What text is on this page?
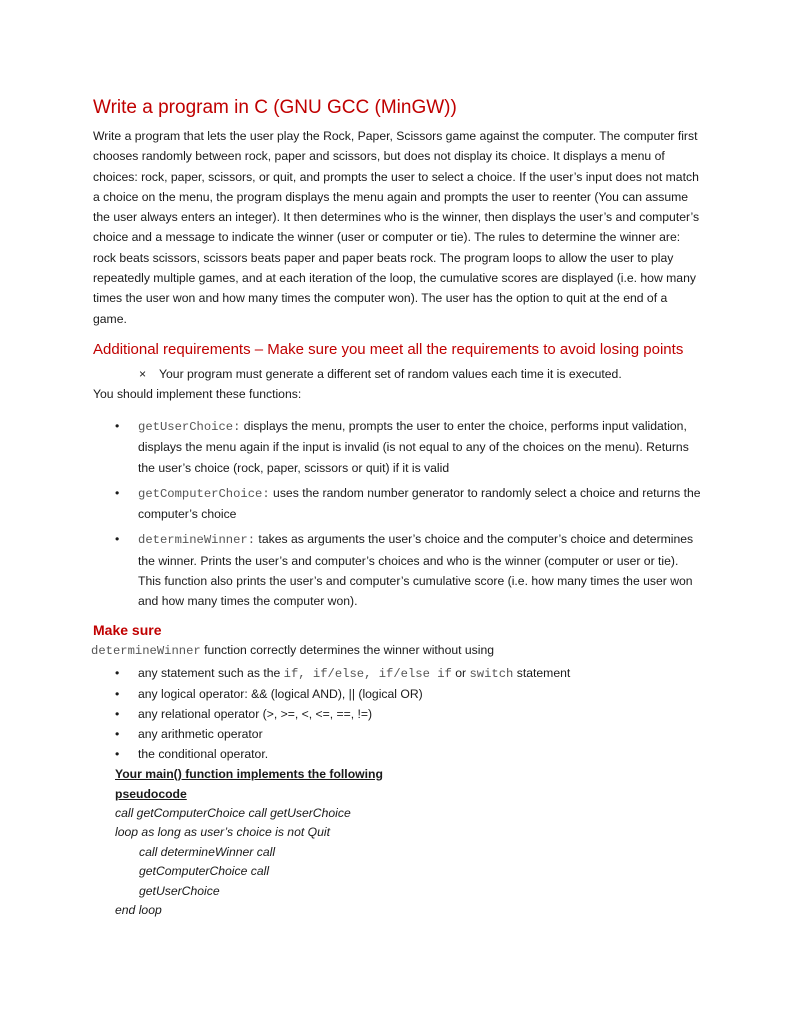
Write a program in C (GNU GCC (MinGW))

Write a program that lets the user play the Rock, Paper, Scissors game against the computer. The computer first chooses randomly between rock, paper and scissors, but does not display its choice. It displays a menu of choices: rock, paper, scissors, or quit, and prompts the user to select a choice. If the user’s input does not match a choice on the menu, the program displays the menu again and prompts the user to reenter (You can assume the user always enters an integer). It then determines who is the winner, then displays the user’s and computer’s choice and a message to indicate the winner (user or computer or tie). The rules to determine the winner are: rock beats scissors, scissors beats paper and paper beats rock. The program loops to allow the user to play repeatedly multiple games, and at each iteration of the loop, the cumulative scores are displayed (i.e. how many times the user won and how many times the computer won). The user has the option to quit at the end of a game.

Additional requirements – Make sure you meet all the requirements to avoid losing points
× Your program must generate a different set of random values each time it is executed.
You should implement these functions:
• getUserChoice: displays the menu, prompts the user to enter the choice, performs input validation, displays the menu again if the input is invalid (is not equal to any of the choices on the menu). Returns the user’s choice (rock, paper, scissors or quit) if it is valid
• getComputerChoice: uses the random number generator to randomly select a choice and returns the computer’s choice
• determineWinner: takes as arguments the user’s choice and the computer’s choice and determines the winner. Prints the user’s and computer’s choices and who is the winner (computer or user or tie). This function also prints the user’s and computer’s cumulative score (i.e. how many times the user won and how many times the computer won).
Make sure
determineWinner function correctly determines the winner without using
• any statement such as the if, if/else, if/else if or switch statement
• any logical operator: && (logical AND), || (logical OR)
• any relational operator (>, >=, <, <=, ==, !=)
• any arithmetic operator
• the conditional operator.
Your main() function implements the following pseudocode
call getComputerChoice call getUserChoice
loop as long as user’s choice is not Quit
call determineWinner call getComputerChoice call getUserChoice
end loop
